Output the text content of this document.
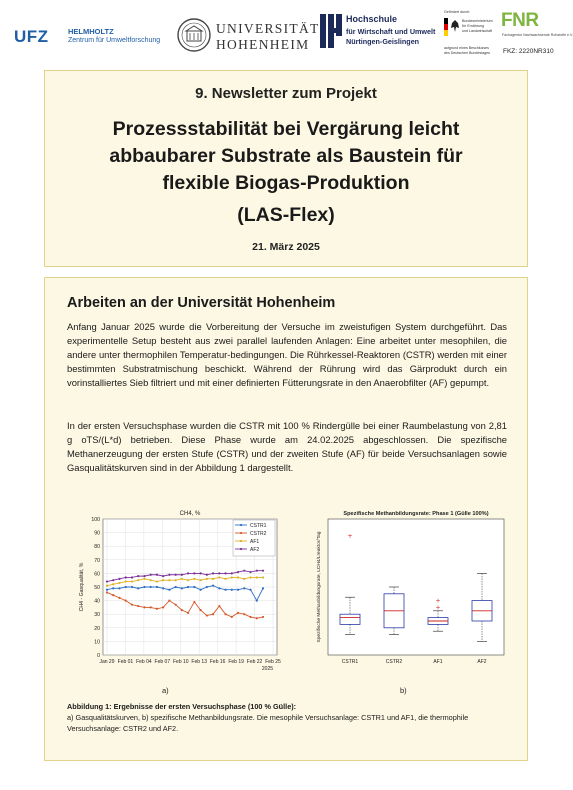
UFZ	HELMHOLTZ
Zentrum für Umweltforschung
UNIVERSITÄT
HOHENHEIM
Hochschule
für Wirtschaft und Umwelt
Nürtingen-Geislingen
Gefördert durch:
Bundesministerium
für Ernährung
und Landwirtschaft
aufgrund eines Beschlusses
des Deutschen Bundestages
FNR
Fachagentur Nachwachsende Rohstoffe e.V.
FKZ: 2220NR310
9. Newsletter zum Projekt
Prozessstabilität bei Vergärung leicht
abbaubarer Substrate als Baustein für
flexible Biogas-Produktion
(LAS-Flex)
21. März 2025
Arbeiten an der Universität Hohenheim

Anfang Januar 2025 wurde die Vorbereitung der Versuche im zweistufigen System durchgeführt. Das experimentelle Setup besteht aus zwei parallel laufenden Anlagen: Eine arbeitet unter mesophilen, die andere unter thermophilen Temperatur-bedingungen. Die Rührkessel-Reaktoren (CSTR) werden mit einer bestimmten Substratmischung beschickt. Während der Rührung wird das Gärprodukt durch ein vorinstalliertes Sieb filtriert und mit einer definierten Fütterungsrate in den Anaerobfilter (AF) gepumpt.

In der ersten Versuchsphase wurden die CSTR mit 100 % Rindergülle bei einer Raumbelastung von 2,81 g oTS/(L*d) betrieben. Diese Phase wurde am 24.02.2025 abgeschlossen. Die spezifische Methanerzeugung der ersten Stufe (CSTR) und der zweiten Stufe (AF) für beide Versuchsanlagen sowie Gasqualitätskurven sind in der Abbildung 1 dargestellt.

0
10
20
30
40
50
60
70
80
90
100
Jan 29 Feb 01 Feb 04 Feb 07 Feb 10 Feb 13 Feb 16 Feb 19 Feb 22 Feb 25
2025
CH4, %
CH4 - Gasqualität, %
CSTR1
CSTR2
AF1
AF2
Spezifische Methanbildungsrate: Phase 1 (Gülle 100%)
Spezifische Methanbildungsrate, LCH4/Lreaktor/Tag	+
CSTR1	CSTR2
+
+
AF1	AF2
a)	b)
Abbildung 1: Ergebnisse der ersten Versuchsphase (100 % Gülle):
a) Gasqualitätskurven, b) spezifische Methanbildungsrate. Die mesophile Versuchsanlage: CSTR1 und AF1, die thermophile Versuchsanlage: CSTR2 und AF2.
